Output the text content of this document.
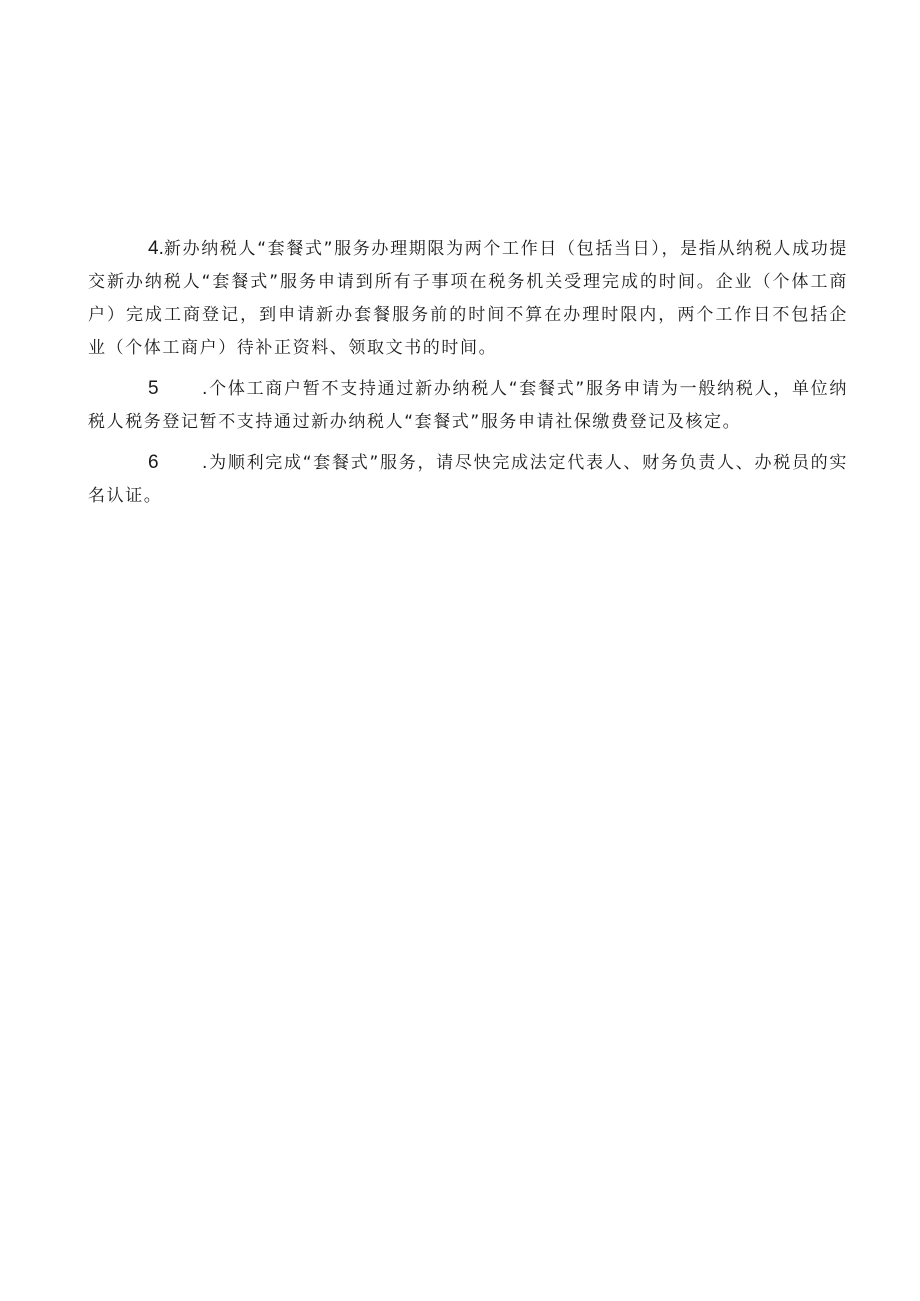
4.新办纳税人“套餐式”服务办理期限为两个工作日（包括当日），是指从纳税人成功提交新办纳税人“套餐式”服务申请到所有子事项在税务机关受理完成的时间。企业（个体工商户）完成工商登记，到申请新办套餐服务前的时间不算在办理时限内，两个工作日不包括企业（个体工商户）待补正资料、领取文书的时间。

5	.个体工商户暂不支持通过新办纳税人“套餐式”服务申请为一般纳税人，单位纳税人税务登记暂不支持通过新办纳税人“套餐式”服务申请社保缴费登记及核定。

6	.为顺利完成“套餐式”服务，请尽快完成法定代表人、财务负责人、办税员的实名认证。
